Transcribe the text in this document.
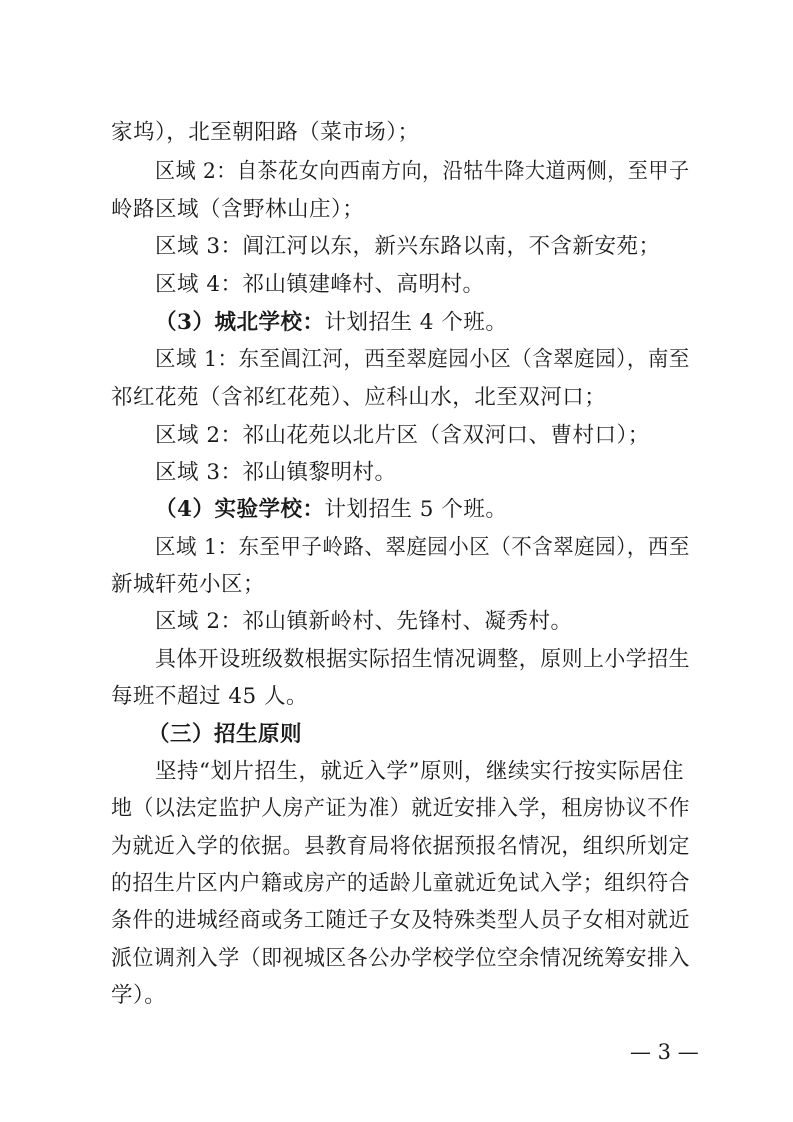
家坞），北至朝阳路（菜市场）；
区域 2：自茶花女向西南方向，沿牯牛降大道两侧，至甲子
岭路区域（含野林山庄）；
区域 3：阊江河以东，新兴东路以南，不含新安苑；
区域 4：祁山镇建峰村、高明村。
（3）城北学校：计划招生 4 个班。
区域 1：东至阊江河，西至翠庭园小区（含翠庭园），南至
祁红花苑（含祁红花苑）、应科山水，北至双河口；
区域 2：祁山花苑以北片区（含双河口、曹村口）；
区域 3：祁山镇黎明村。
（4）实验学校：计划招生 5 个班。
区域 1：东至甲子岭路、翠庭园小区（不含翠庭园），西至
新城轩苑小区；
区域 2：祁山镇新岭村、先锋村、凝秀村。
具体开设班级数根据实际招生情况调整，原则上小学招生
每班不超过 45 人。
（三）招生原则
坚持“划片招生，就近入学”原则，继续实行按实际居住
地（以法定监护人房产证为准）就近安排入学，租房协议不作
为就近入学的依据。县教育局将依据预报名情况，组织所划定
的招生片区内户籍或房产的适龄儿童就近免试入学；组织符合
条件的进城经商或务工随迁子女及特殊类型人员子女相对就近
派位调剂入学（即视城区各公办学校学位空余情况统筹安排入
学）。
— 3 —
